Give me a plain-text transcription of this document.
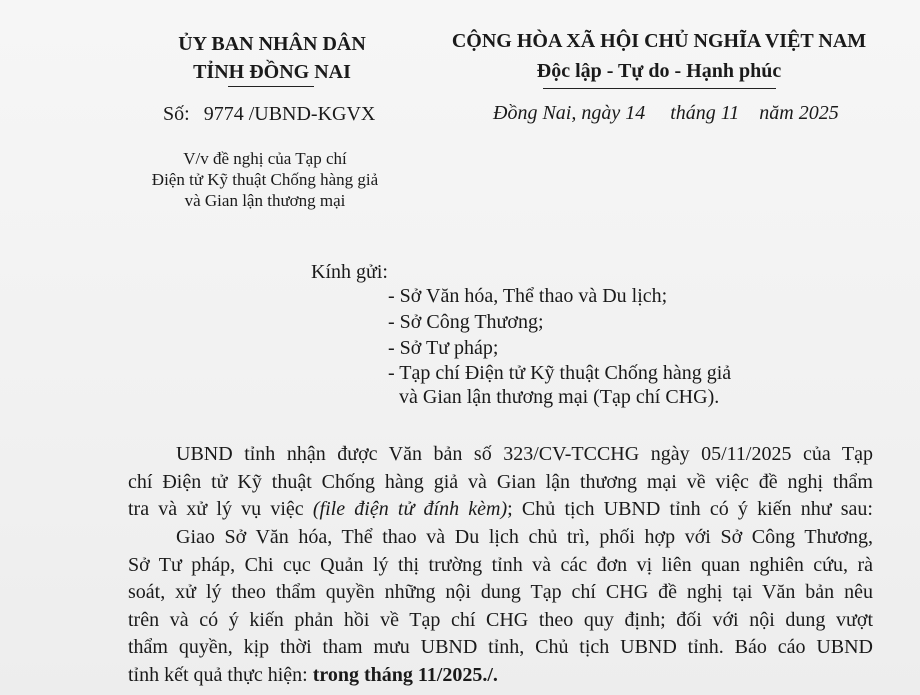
ỦY BAN NHÂN DÂN
TỈNH ĐỒNG NAI
CỘNG HÒA XÃ HỘI CHỦ NGHĨA VIỆT NAM
Độc lập - Tự do - Hạnh phúc
Số: 9774 /UBND-KGVX	Đồng Nai, ngày 14 tháng 11 năm 2025
V/v đề nghị của Tạp chí
Điện tử Kỹ thuật Chống hàng giả
và Gian lận thương mại
Kính gửi:
- Sở Văn hóa, Thể thao và Du lịch;
- Sở Công Thương;
- Sở Tư pháp;
- Tạp chí Điện tử Kỹ thuật Chống hàng giả
và Gian lận thương mại (Tạp chí CHG).
UBND tỉnh nhận được Văn bản số 323/CV-TCCHG ngày 05/11/2025 của Tạp
chí Điện tử Kỹ thuật Chống hàng giả và Gian lận thương mại về việc đề nghị thẩm
tra và xử lý vụ việc (file điện tử đính kèm); Chủ tịch UBND tỉnh có ý kiến như sau:
Giao Sở Văn hóa, Thể thao và Du lịch chủ trì, phối hợp với Sở Công Thương,
Sở Tư pháp, Chi cục Quản lý thị trường tỉnh và các đơn vị liên quan nghiên cứu, rà
soát, xử lý theo thẩm quyền những nội dung Tạp chí CHG đề nghị tại Văn bản nêu
trên và có ý kiến phản hồi về Tạp chí CHG theo quy định; đối với nội dung vượt
thẩm quyền, kịp thời tham mưu UBND tỉnh, Chủ tịch UBND tỉnh. Báo cáo UBND
tỉnh kết quả thực hiện: trong tháng 11/2025./.
